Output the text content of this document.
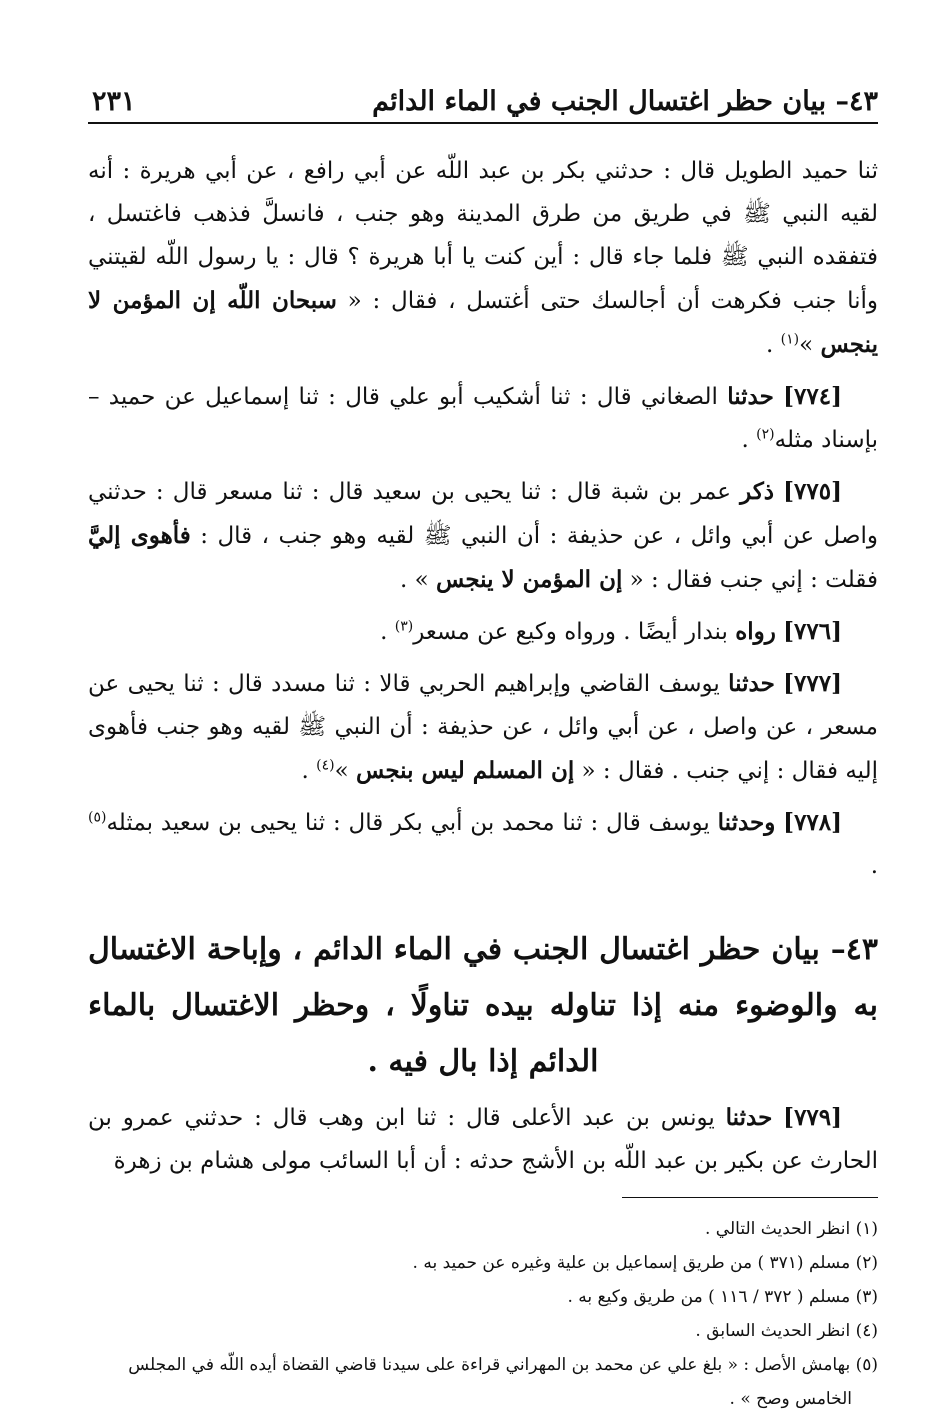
٤٣– بيان حظر اغتسال الجنب في الماء الدائم
٢٣١

ثنا حميد الطويل قال : حدثني بكر بن عبد اللّه عن أبي رافع ، عن أبي هريرة : أنه لقيه النبي ﷺ في طريق من طرق المدينة وهو جنب ، فانسلَّ فذهب فاغتسل ، فتفقده النبي ﷺ فلما جاء قال : أين كنت يا أبا هريرة ؟ قال : يا رسول اللّه لقيتني وأنا جنب فكرهت أن أجالسك حتى أغتسل ، فقال : « سبحان اللّه إن المؤمن لا ينجس »$^{(١)}$ .

[٧٧٤] حدثنا الصغاني قال : ثنا أشكيب أبو علي قال : ثنا إسماعيل عن حميد – بإسناد مثله$^{(٢)}$ .

[٧٧٥] ذكر عمر بن شبة قال : ثنا يحيى بن سعيد قال : ثنا مسعر قال : حدثني واصل عن أبي وائل ، عن حذيفة : أن النبي ﷺ لقيه وهو جنب ، قال : فأهوى إليَّ فقلت : إني جنب فقال : « إن المؤمن لا ينجس » .

[٧٧٦] رواه بندار أيضًا . ورواه وكيع عن مسعر$^{(٣)}$ .

[٧٧٧] حدثنا يوسف القاضي وإبراهيم الحربي قالا : ثنا مسدد قال : ثنا يحيى عن مسعر ، عن واصل ، عن أبي وائل ، عن حذيفة : أن النبي ﷺ لقيه وهو جنب فأهوى إليه فقال : إني جنب . فقال : « إن المسلم ليس بنجس »$^{(٤)}$ .

[٧٧٨] وحدثنا يوسف قال : ثنا محمد بن أبي بكر قال : ثنا يحيى بن سعيد بمثله$^{(٥)}$ .

٤٣– بيان حظر اغتسال الجنب في الماء الدائم ، وإباحة الاغتسال به والوضوء منه إذا تناوله بيده تناولًا ، وحظر الاغتسال بالماء الدائم إذا بال فيه .

[٧٧٩] حدثنا يونس بن عبد الأعلى قال : ثنا ابن وهب قال : حدثني عمرو بن الحارث عن بكير بن عبد اللّه بن الأشج حدثه : أن أبا السائب مولى هشام بن زهرة

(١) انظر الحديث التالي .
(٢) مسلم (٣٧١ ) من طريق إسماعيل بن علية وغيره عن حميد به .
(٣) مسلم ( ٣٧٢ / ١١٦ ) من طريق وكيع به .
(٤) انظر الحديث السابق .
(٥) بهامش الأصل : « بلغ علي عن محمد بن المهراني قراءة على سيدنا قاضي القضاة أيده اللّه في المجلس
الخامس وصح » .
